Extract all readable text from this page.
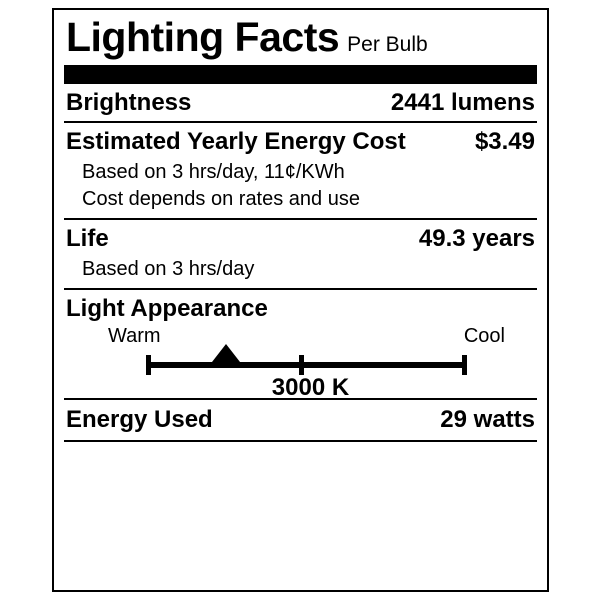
Lighting Facts Per Bulb
Brightness	2441 lumens
Estimated Yearly Energy Cost	$3.49
Based on 3 hrs/day, 11¢/KWh
Cost depends on rates and use
Life	49.3 years
Based on 3 hrs/day
Light Appearance
Warm	Cool
3000 K
Energy Used	29 watts
